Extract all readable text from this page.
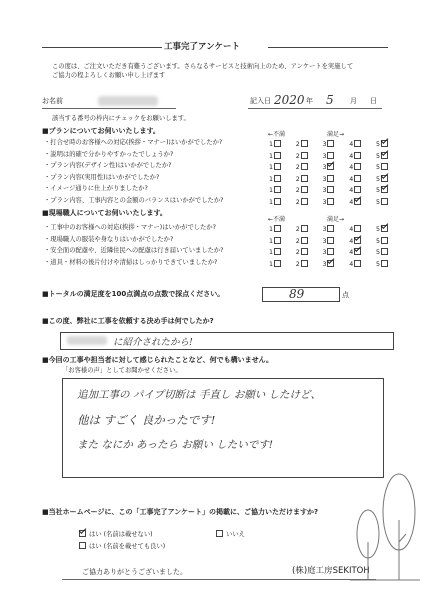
工事完了アンケート
この度は、ご注文いただき有難うございます。さらなるサービスと技術向上のため、アンケートを実施して
ご協力の程よろしくお願い申し上げます
お名前	記入日 2020 年 5 月 日
該当する番号の枠内にチェックをお願いします。
■プランについてお伺いいたします。	←不満	満足→
・打合せ時のお客様への対応(挨拶・マナー)はいかがでしたか?	1	2	3	4	5
・説明は的確で分かりやすかったでしょうか?	1	2	3	4	5
・プラン内容(デザイン性)はいかがでしたか?	1	2	3	4	5
・プラン内容(実用性)はいかがでしたか?	1	2	3	4	5
・イメージ通りに仕上がりましたか?	1	2	3	4	5
・プラン内容、工事内容との金額のバランスはいかがでしたか?	1	2	3	4	5
■現場職人についてお伺いいたします。
←不満	満足→
・工事中のお客様への対応(挨拶・マナー)はいかがでしたか?	1	2	3	4	5
・現場職人の服装や身なりはいかがでしたか?	1	2	3	4	5
・安全面の配慮や、近隣住民への配慮は行き届いていましたか?	1	2	3	4	5
・道具・材料の後片付けや清掃はしっかりできていましたか?	1	2	3	4	5
■トータルの満足度を100点満点の点数で採点ください。	89	点
■この度、弊社に工事を依頼する決め手は何でしたか?
に紹介されたから!
■今回の工事や担当者に対して感じられたことなど、何でも構いません。
「お客様の声」としてお聞かせください。
追加工事の パイプ切断は 手直し お願い したけど、
他は すごく 良かったです!
また なにか あったら お願い したいです!
■当社ホームページに、この「工事完了アンケート」の掲載に、ご協力いただけますか?
はい (名前は載せない)	いいえ
はい (名前を載せても良い)
ご協力ありがとうございました。	(株)庭工房SEKITOH
